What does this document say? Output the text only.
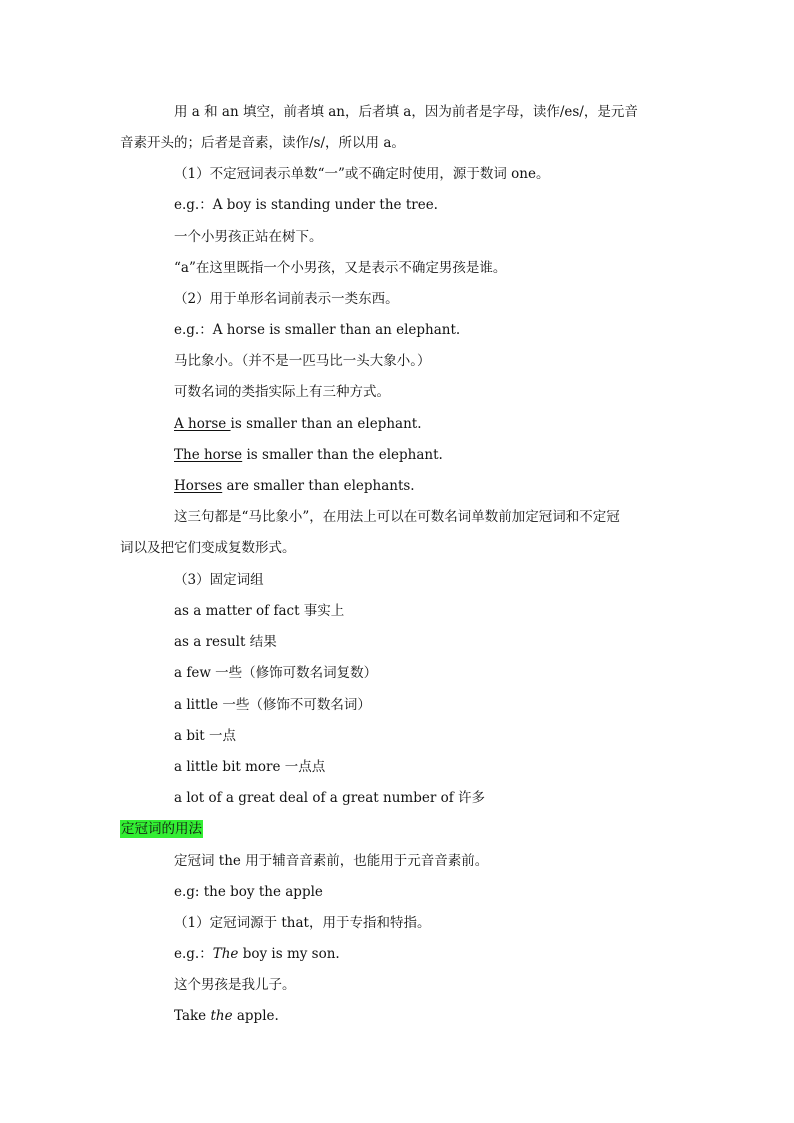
用 a 和 an 填空，前者填 an，后者填 a，因为前者是字母，读作/es/，是元音
音素开头的；后者是音素，读作/s/，所以用 a。
（1）不定冠词表示单数“一”或不确定时使用，源于数词 one。
e.g.：A boy is standing under the tree.
一个小男孩正站在树下。
“a”在这里既指一个小男孩，又是表示不确定男孩是谁。
（2）用于单形名词前表示一类东西。
e.g.：A horse is smaller than an elephant.
马比象小。（并不是一匹马比一头大象小。）
可数名词的类指实际上有三种方式。
A horse is smaller than an elephant.
The horse is smaller than the elephant.
Horses are smaller than elephants.
这三句都是“马比象小”，在用法上可以在可数名词单数前加定冠词和不定冠
词以及把它们变成复数形式。
（3）固定词组
as a matter of fact 事实上
as a result 结果
a few 一些（修饰可数名词复数）
a little 一些（修饰不可数名词）
a bit 一点
a little bit more 一点点
a lot of a great deal of a great number of 许多
定冠词的用法
定冠词 the 用于辅音音素前，也能用于元音音素前。
e.g: the boy the apple
（1）定冠词源于 that，用于专指和特指。
e.g.：The boy is my son.
这个男孩是我儿子。
Take the apple.
